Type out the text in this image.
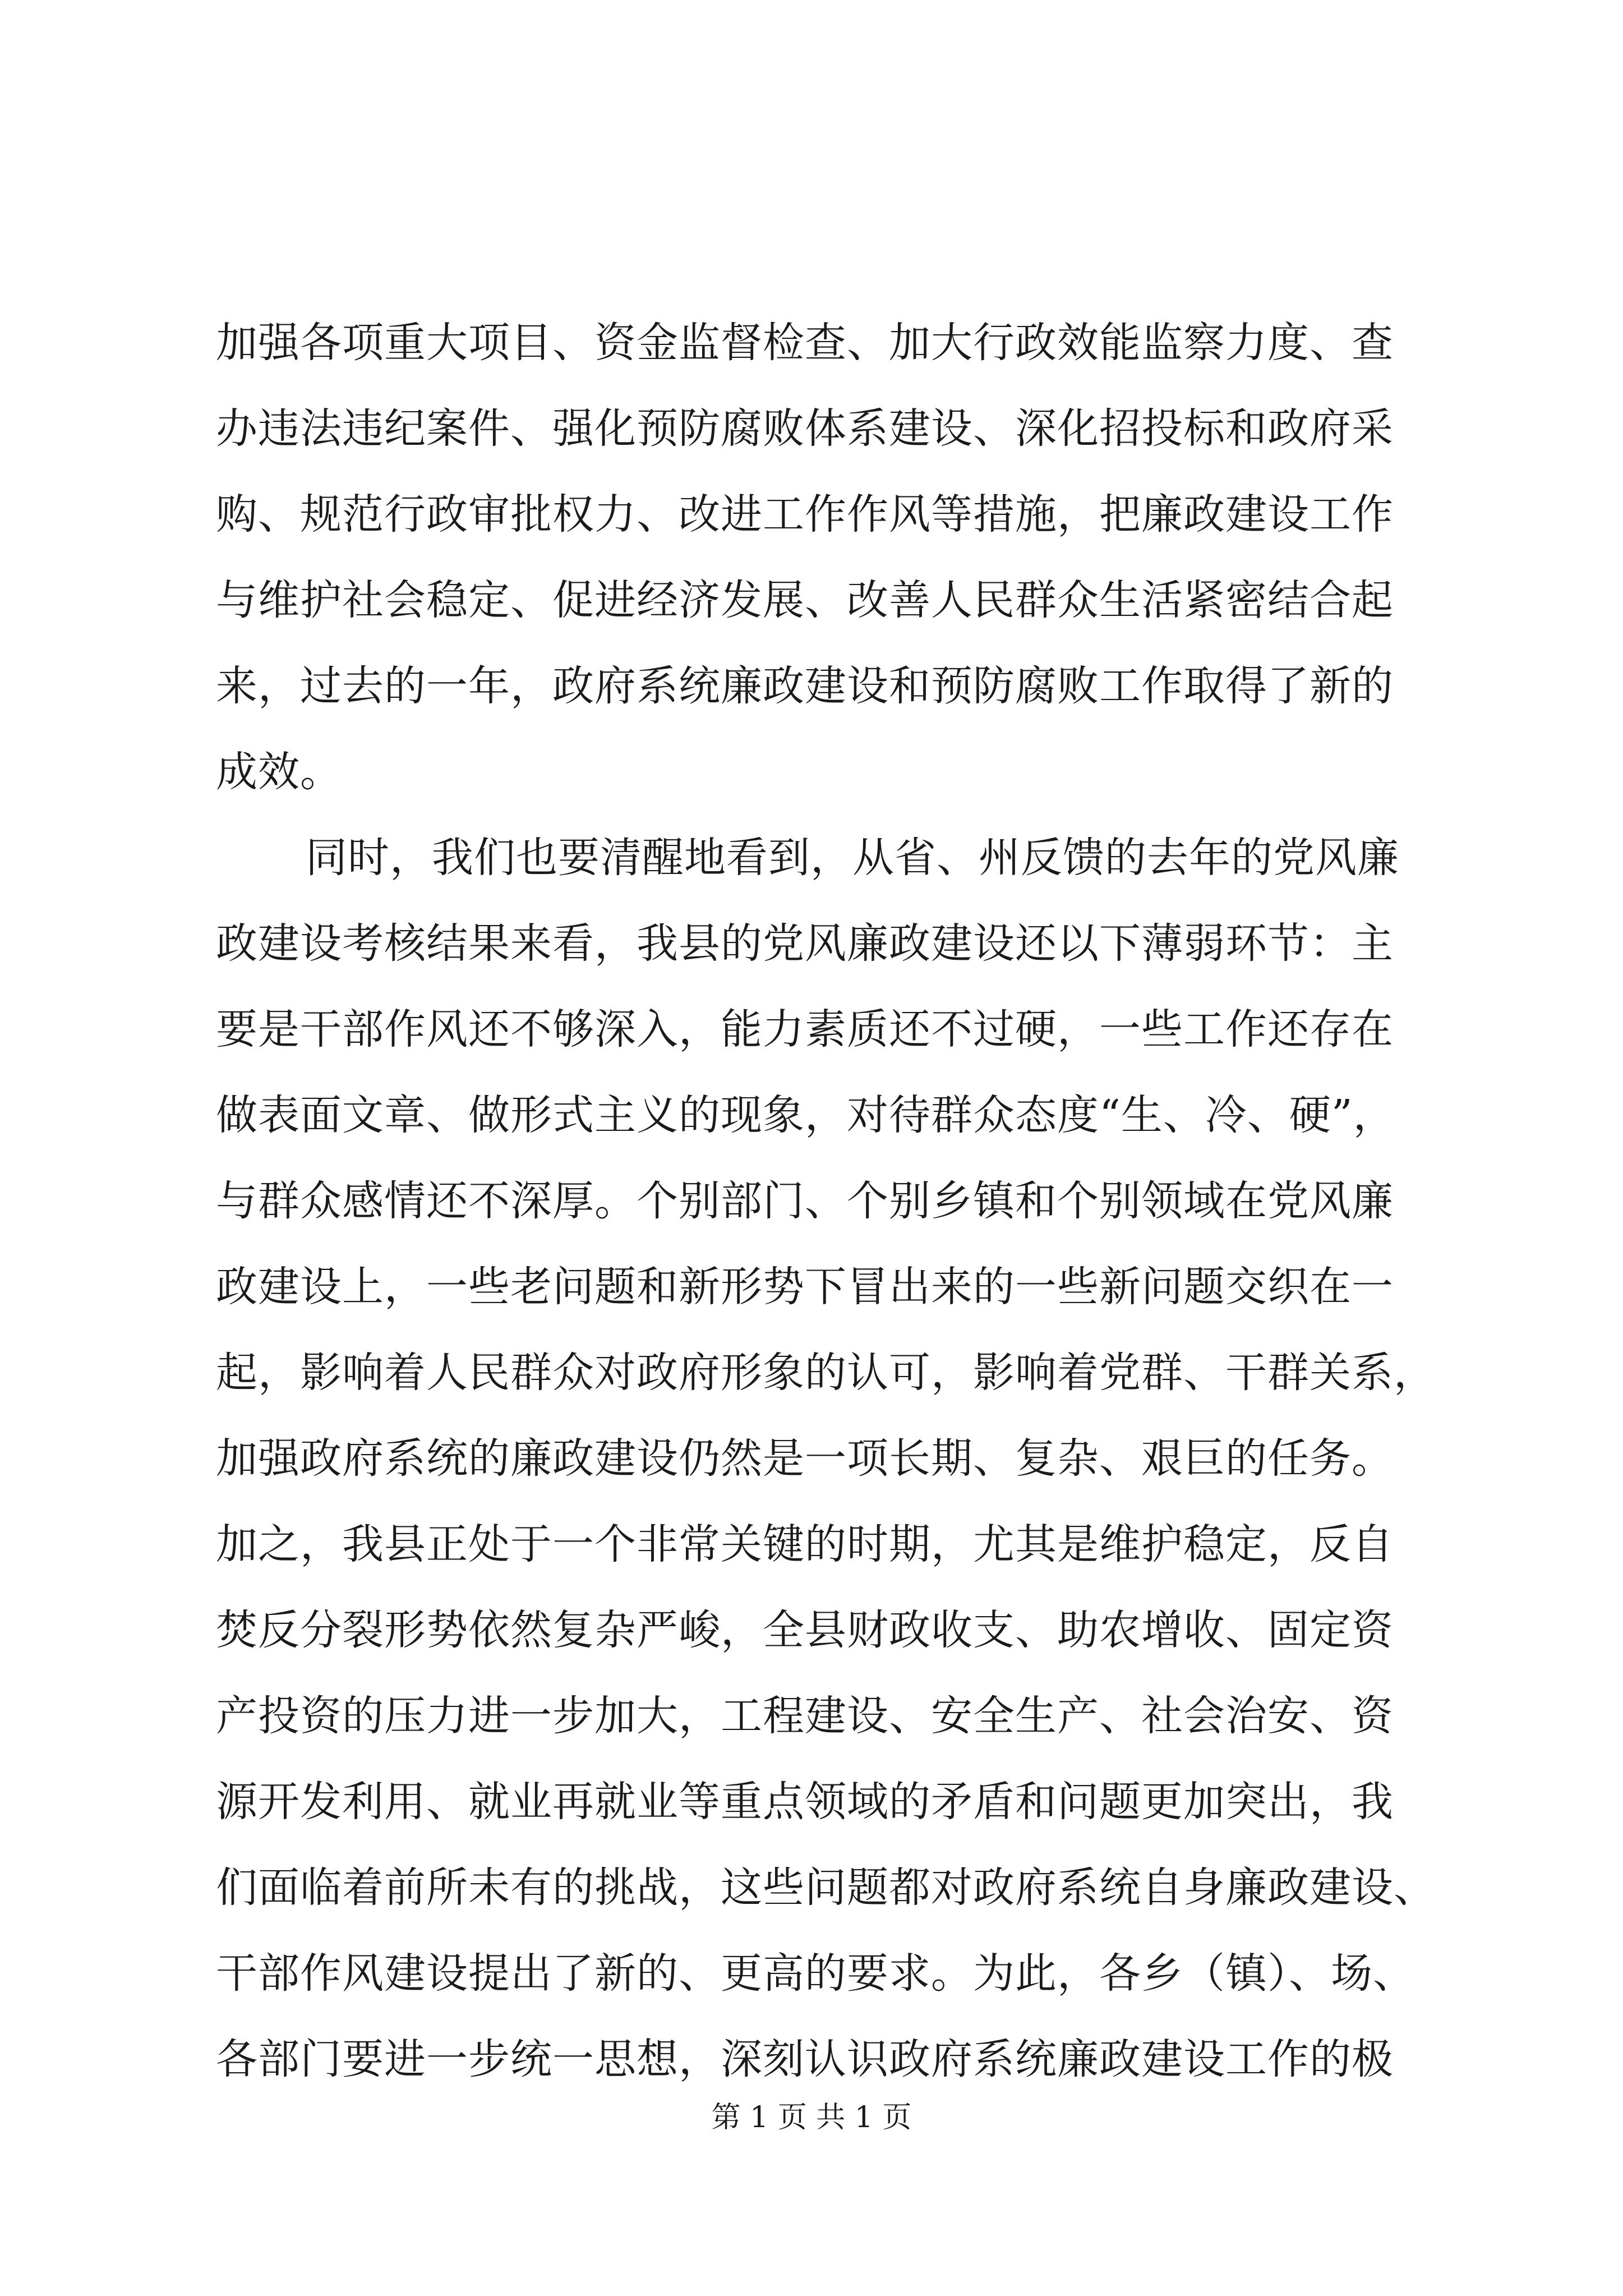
加强各项重大项目、资金监督检查、加大行政效能监察力度、查
办违法违纪案件、强化预防腐败体系建设、深化招投标和政府采
购、规范行政审批权力、改进工作作风等措施，把廉政建设工作
与维护社会稳定、促进经济发展、改善人民群众生活紧密结合起
来，过去的一年，政府系统廉政建设和预防腐败工作取得了新的
成效。
同时，我们也要清醒地看到，从省、州反馈的去年的党风廉
政建设考核结果来看，我县的党风廉政建设还以下薄弱环节：主
要是干部作风还不够深入，能力素质还不过硬，一些工作还存在
做表面文章、做形式主义的现象，对待群众态度“生、冷、硬”，
与群众感情还不深厚。个别部门、个别乡镇和个别领域在党风廉
政建设上，一些老问题和新形势下冒出来的一些新问题交织在一
起，影响着人民群众对政府形象的认可，影响着党群、干群关系，
加强政府系统的廉政建设仍然是一项长期、复杂、艰巨的任务。
加之，我县正处于一个非常关键的时期，尤其是维护稳定，反自
焚反分裂形势依然复杂严峻，全县财政收支、助农增收、固定资
产投资的压力进一步加大，工程建设、安全生产、社会治安、资
源开发利用、就业再就业等重点领域的矛盾和问题更加突出，我
们面临着前所未有的挑战，这些问题都对政府系统自身廉政建设、
干部作风建设提出了新的、更高的要求。为此，各乡（镇）、场、
各部门要进一步统一思想，深刻认识政府系统廉政建设工作的极
第 1 页 共 1 页
